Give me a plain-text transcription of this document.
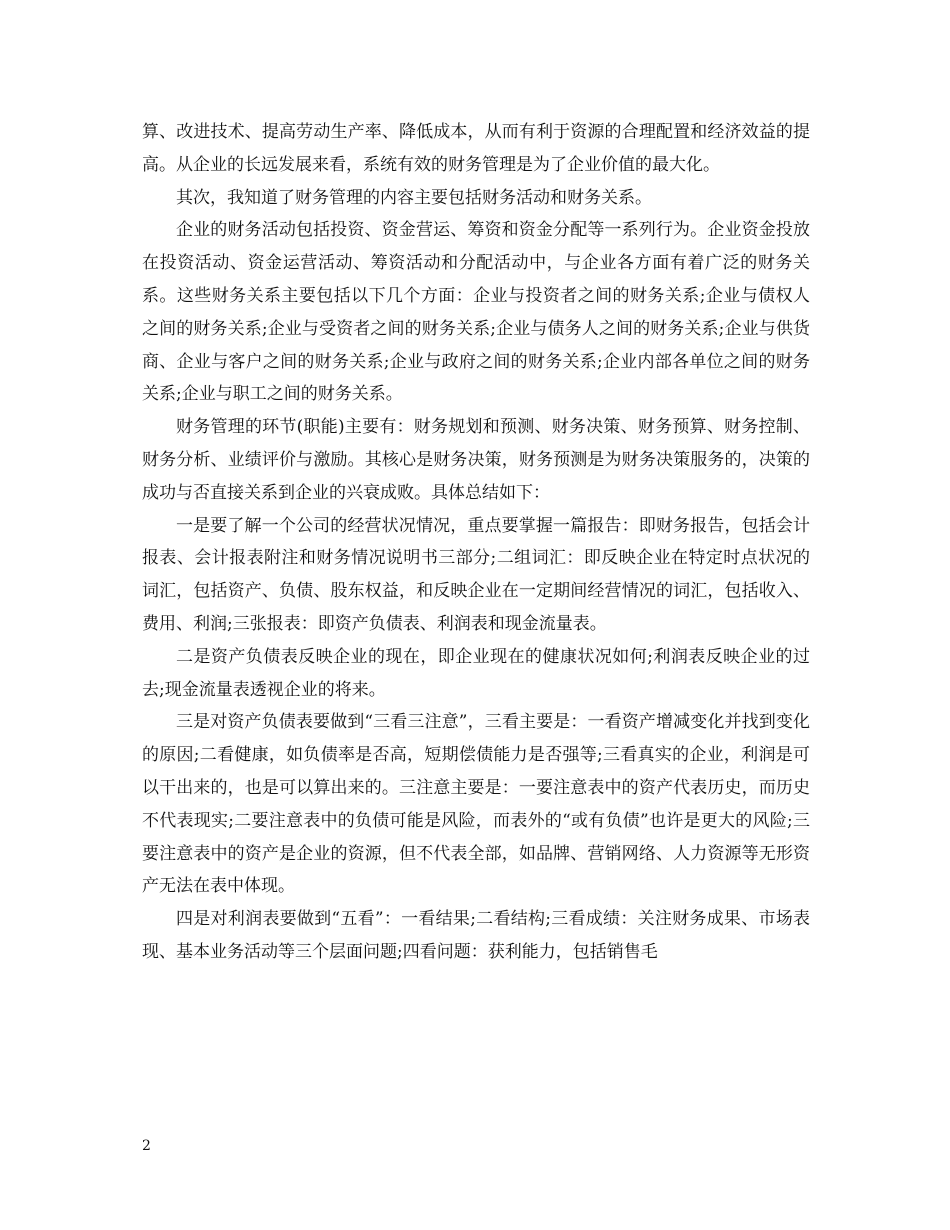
算、改进技术、提高劳动生产率、降低成本，从而有利于资源的合理配置和经济效益的提高。从企业的长远发展来看，系统有效的财务管理是为了企业价值的最大化。

其次，我知道了财务管理的内容主要包括财务活动和财务关系。

企业的财务活动包括投资、资金营运、筹资和资金分配等一系列行为。企业资金投放在投资活动、资金运营活动、筹资活动和分配活动中，与企业各方面有着广泛的财务关系。这些财务关系主要包括以下几个方面：企业与投资者之间的财务关系;企业与债权人之间的财务关系;企业与受资者之间的财务关系;企业与债务人之间的财务关系;企业与供货商、企业与客户之间的财务关系;企业与政府之间的财务关系;企业内部各单位之间的财务关系;企业与职工之间的财务关系。

财务管理的环节(职能)主要有：财务规划和预测、财务决策、财务预算、财务控制、财务分析、业绩评价与激励。其核心是财务决策，财务预测是为财务决策服务的，决策的成功与否直接关系到企业的兴衰成败。具体总结如下：

一是要了解一个公司的经营状况情况，重点要掌握一篇报告：即财务报告，包括会计报表、会计报表附注和财务情况说明书三部分;二组词汇：即反映企业在特定时点状况的词汇，包括资产、负债、股东权益，和反映企业在一定期间经营情况的词汇，包括收入、费用、利润;三张报表：即资产负债表、利润表和现金流量表。

二是资产负债表反映企业的现在，即企业现在的健康状况如何;利润表反映企业的过去;现金流量表透视企业的将来。

三是对资产负债表要做到“三看三注意”，三看主要是：一看资产增减变化并找到变化的原因;二看健康，如负债率是否高，短期偿债能力是否强等;三看真实的企业，利润是可以干出来的，也是可以算出来的。三注意主要是：一要注意表中的资产代表历史，而历史不代表现实;二要注意表中的负债可能是风险，而表外的“或有负债”也许是更大的风险;三要注意表中的资产是企业的资源，但不代表全部，如品牌、营销网络、人力资源等无形资产无法在表中体现。

四是对利润表要做到“五看”：一看结果;二看结构;三看成绩：关注财务成果、市场表现、基本业务活动等三个层面问题;四看问题：获利能力，包括销售毛

2
